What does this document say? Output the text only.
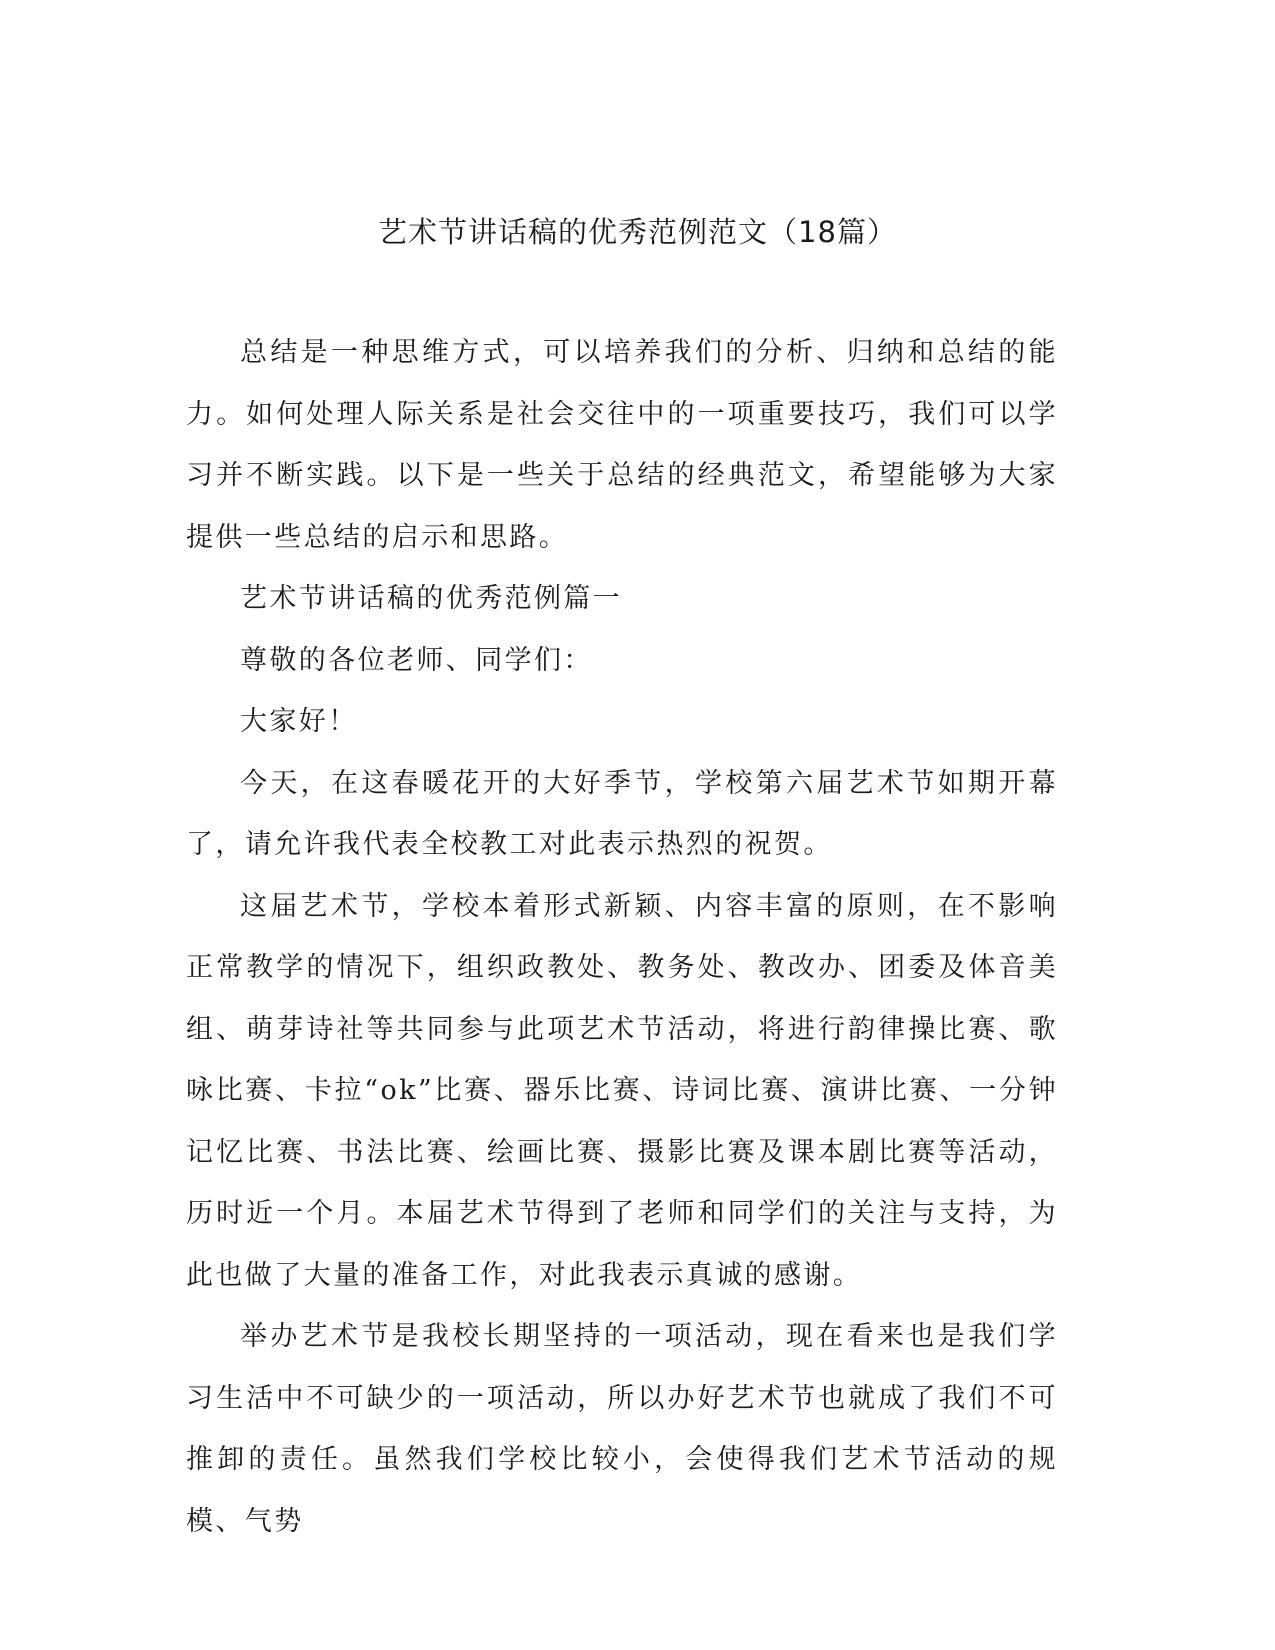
艺术节讲话稿的优秀范例范文（18篇）

总结是一种思维方式，可以培养我们的分析、归纳和总结的能力。如何处理人际关系是社会交往中的一项重要技巧，我们可以学习并不断实践。以下是一些关于总结的经典范文，希望能够为大家提供一些总结的启示和思路。

艺术节讲话稿的优秀范例篇一

尊敬的各位老师、同学们：

大家好！

今天，在这春暖花开的大好季节，学校第六届艺术节如期开幕了，请允许我代表全校教工对此表示热烈的祝贺。

这届艺术节，学校本着形式新颖、内容丰富的原则，在不影响正常教学的情况下，组织政教处、教务处、教改办、团委及体音美组、萌芽诗社等共同参与此项艺术节活动，将进行韵律操比赛、歌咏比赛、卡拉“ok”比赛、器乐比赛、诗词比赛、演讲比赛、一分钟记忆比赛、书法比赛、绘画比赛、摄影比赛及课本剧比赛等活动，历时近一个月。本届艺术节得到了老师和同学们的关注与支持，为此也做了大量的准备工作，对此我表示真诚的感谢。

举办艺术节是我校长期坚持的一项活动，现在看来也是我们学习生活中不可缺少的一项活动，所以办好艺术节也就成了我们不可推卸的责任。虽然我们学校比较小，会使得我们艺术节活动的规模、气势
